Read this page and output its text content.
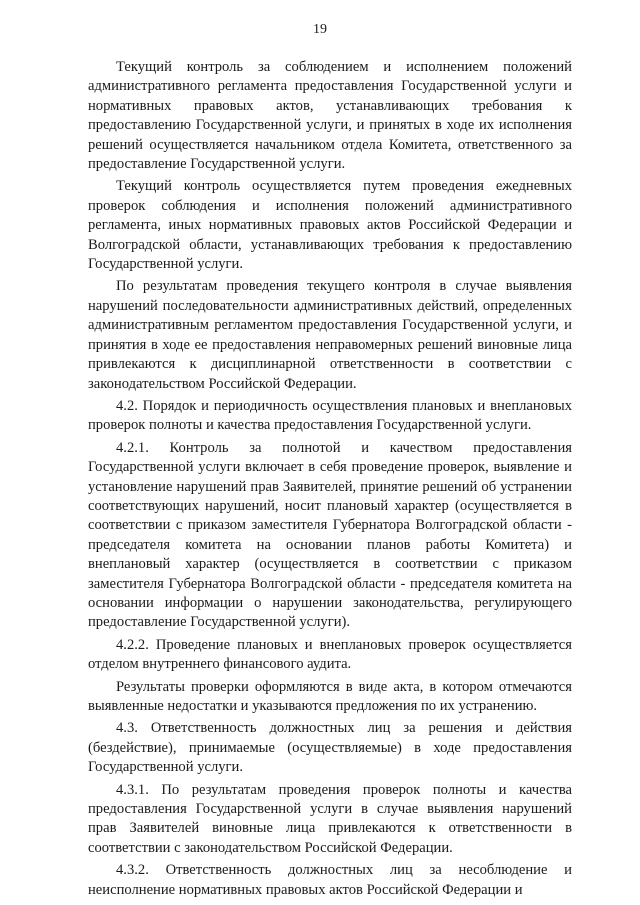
19

Текущий контроль за соблюдением и исполнением положений административного регламента предоставления Государственной услуги и нормативных правовых актов, устанавливающих требования к предоставлению Государственной услуги, и принятых в ходе их исполнения решений осуществляется начальником отдела Комитета, ответственного за предоставление Государственной услуги.

Текущий контроль осуществляется путем проведения ежедневных проверок соблюдения и исполнения положений административного регламента, иных нормативных правовых актов Российской Федерации и Волгоградской области, устанавливающих требования к предоставлению Государственной услуги.

По результатам проведения текущего контроля в случае выявления нарушений последовательности административных действий, определенных административным регламентом предоставления Государственной услуги, и принятия в ходе ее предоставления неправомерных решений виновные лица привлекаются к дисциплинарной ответственности в соответствии с законодательством Российской Федерации.

4.2. Порядок и периодичность осуществления плановых и внеплановых проверок полноты и качества предоставления Государственной услуги.

4.2.1. Контроль за полнотой и качеством предоставления Государственной услуги включает в себя проведение проверок, выявление и установление нарушений прав Заявителей, принятие решений об устранении соответствующих нарушений, носит плановый характер (осуществляется в соответствии с приказом заместителя Губернатора Волгоградской области - председателя комитета на основании планов работы Комитета) и внеплановый характер (осуществляется в соответствии с приказом заместителя Губернатора Волгоградской области - председателя комитета на основании информации о нарушении законодательства, регулирующего предоставление Государственной услуги).

4.2.2. Проведение плановых и внеплановых проверок осуществляется отделом внутреннего финансового аудита.

Результаты проверки оформляются в виде акта, в котором отмечаются выявленные недостатки и указываются предложения по их устранению.

4.3. Ответственность должностных лиц за решения и действия (бездействие), принимаемые (осуществляемые) в ходе предоставления Государственной услуги.

4.3.1. По результатам проведения проверок полноты и качества предоставления Государственной услуги в случае выявления нарушений прав Заявителей виновные лица привлекаются к ответственности в соответствии с законодательством Российской Федерации.

4.3.2. Ответственность должностных лиц за несоблюдение и неисполнение нормативных правовых актов Российской Федерации и
